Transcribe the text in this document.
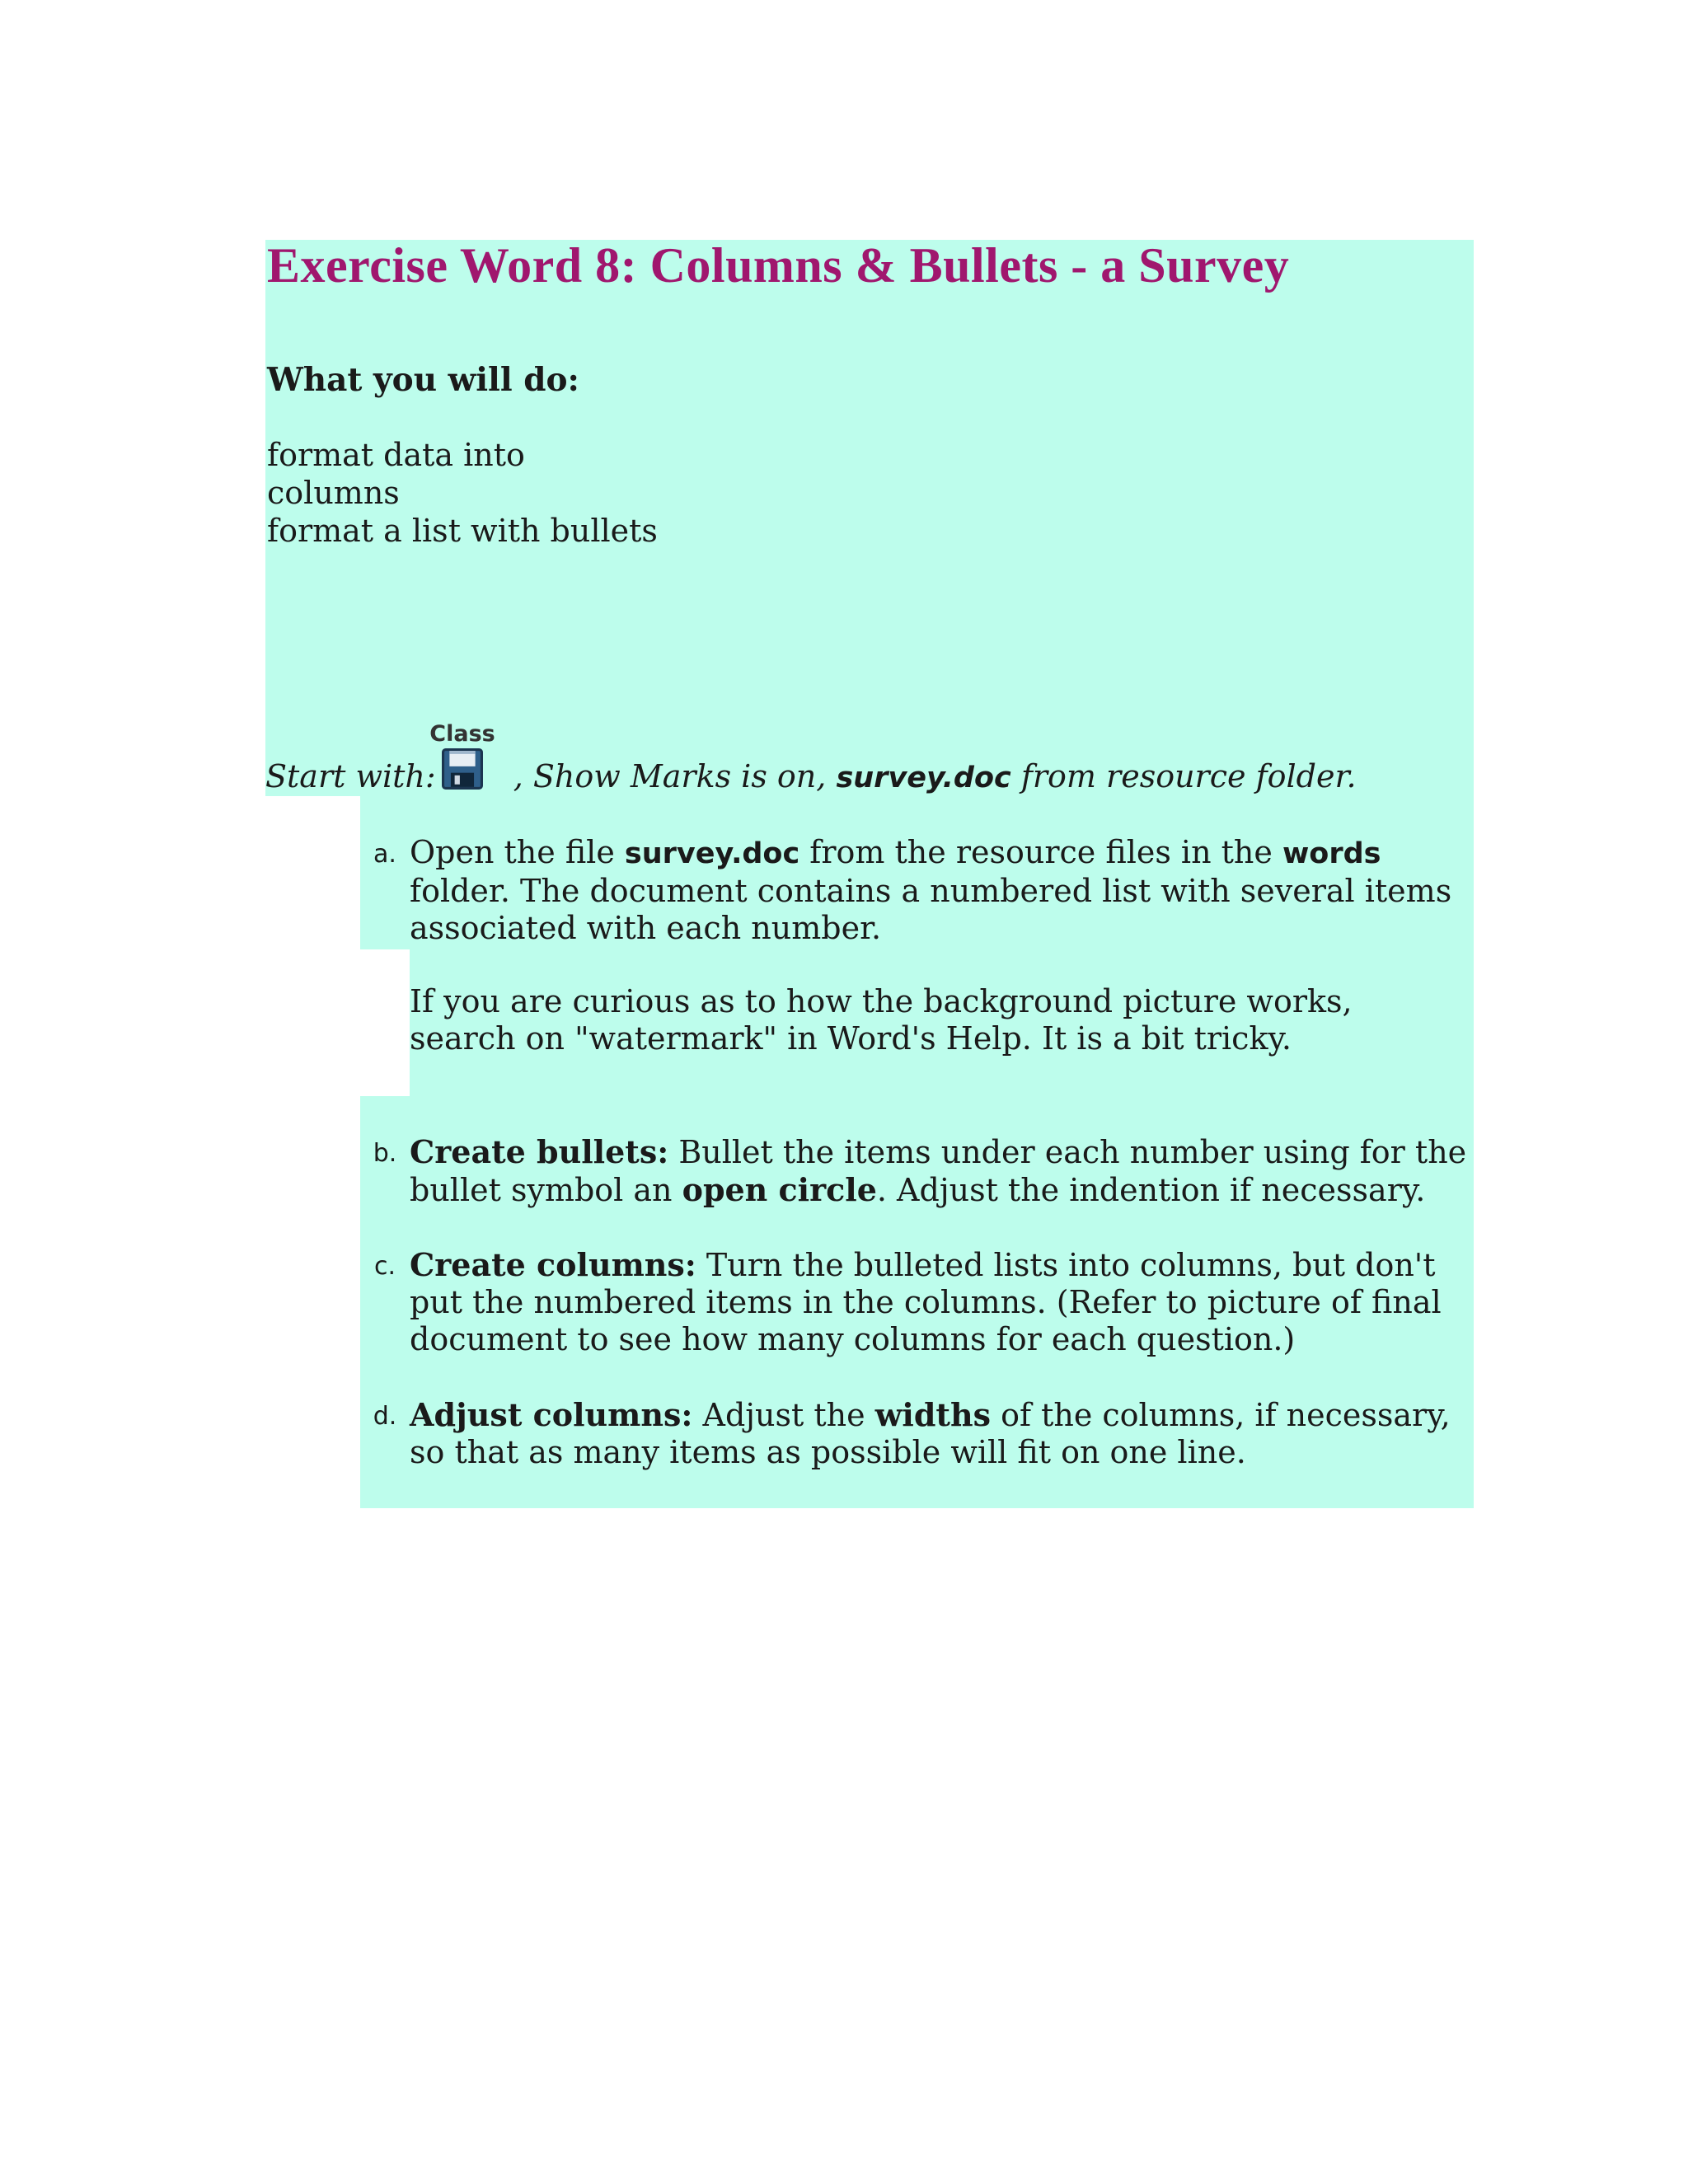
Exercise Word 8: Columns & Bullets - a Survey
What you will do:
format data into
columns
format a list with bullets
Class
Start with: , Show Marks is on, survey.doc from resource folder.
a. Open the file survey.doc from the resource files in the words folder. The document contains a numbered list with several items associated with each number.
If you are curious as to how the background picture works, search on "watermark" in Word's Help. It is a bit tricky.
b. Create bullets: Bullet the items under each number using for the bullet symbol an open circle. Adjust the indention if necessary.
c. Create columns: Turn the bulleted lists into columns, but don't put the numbered items in the columns. (Refer to picture of final document to see how many columns for each question.)
d. Adjust columns: Adjust the widths of the columns, if necessary, so that as many items as possible will fit on one line.
